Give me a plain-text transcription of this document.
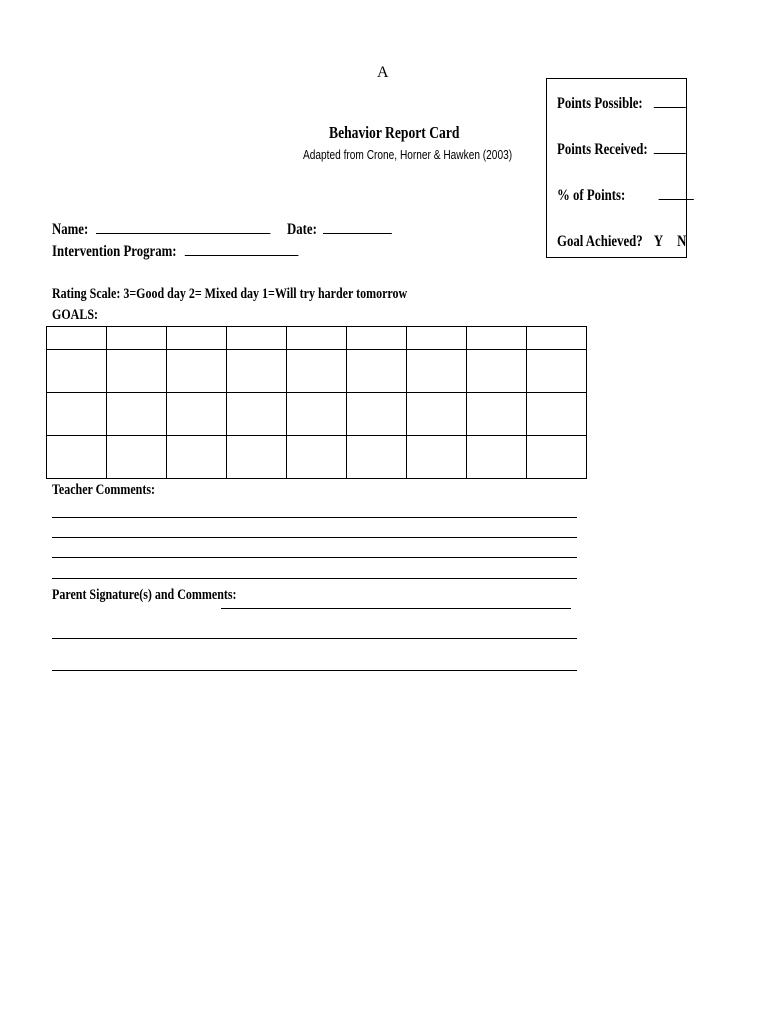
A
Points Possible:
Points Received:
% of Points:
Goal Achieved? Y N
Behavior Report Card
Adapted from Crone, Horner & Hawken (2003)
Name:	Date:
Intervention Program:
Rating Scale: 3=Good day 2= Mixed day 1=Will try harder tomorrow
GOALS:

Teacher Comments:
Parent Signature(s) and Comments:
